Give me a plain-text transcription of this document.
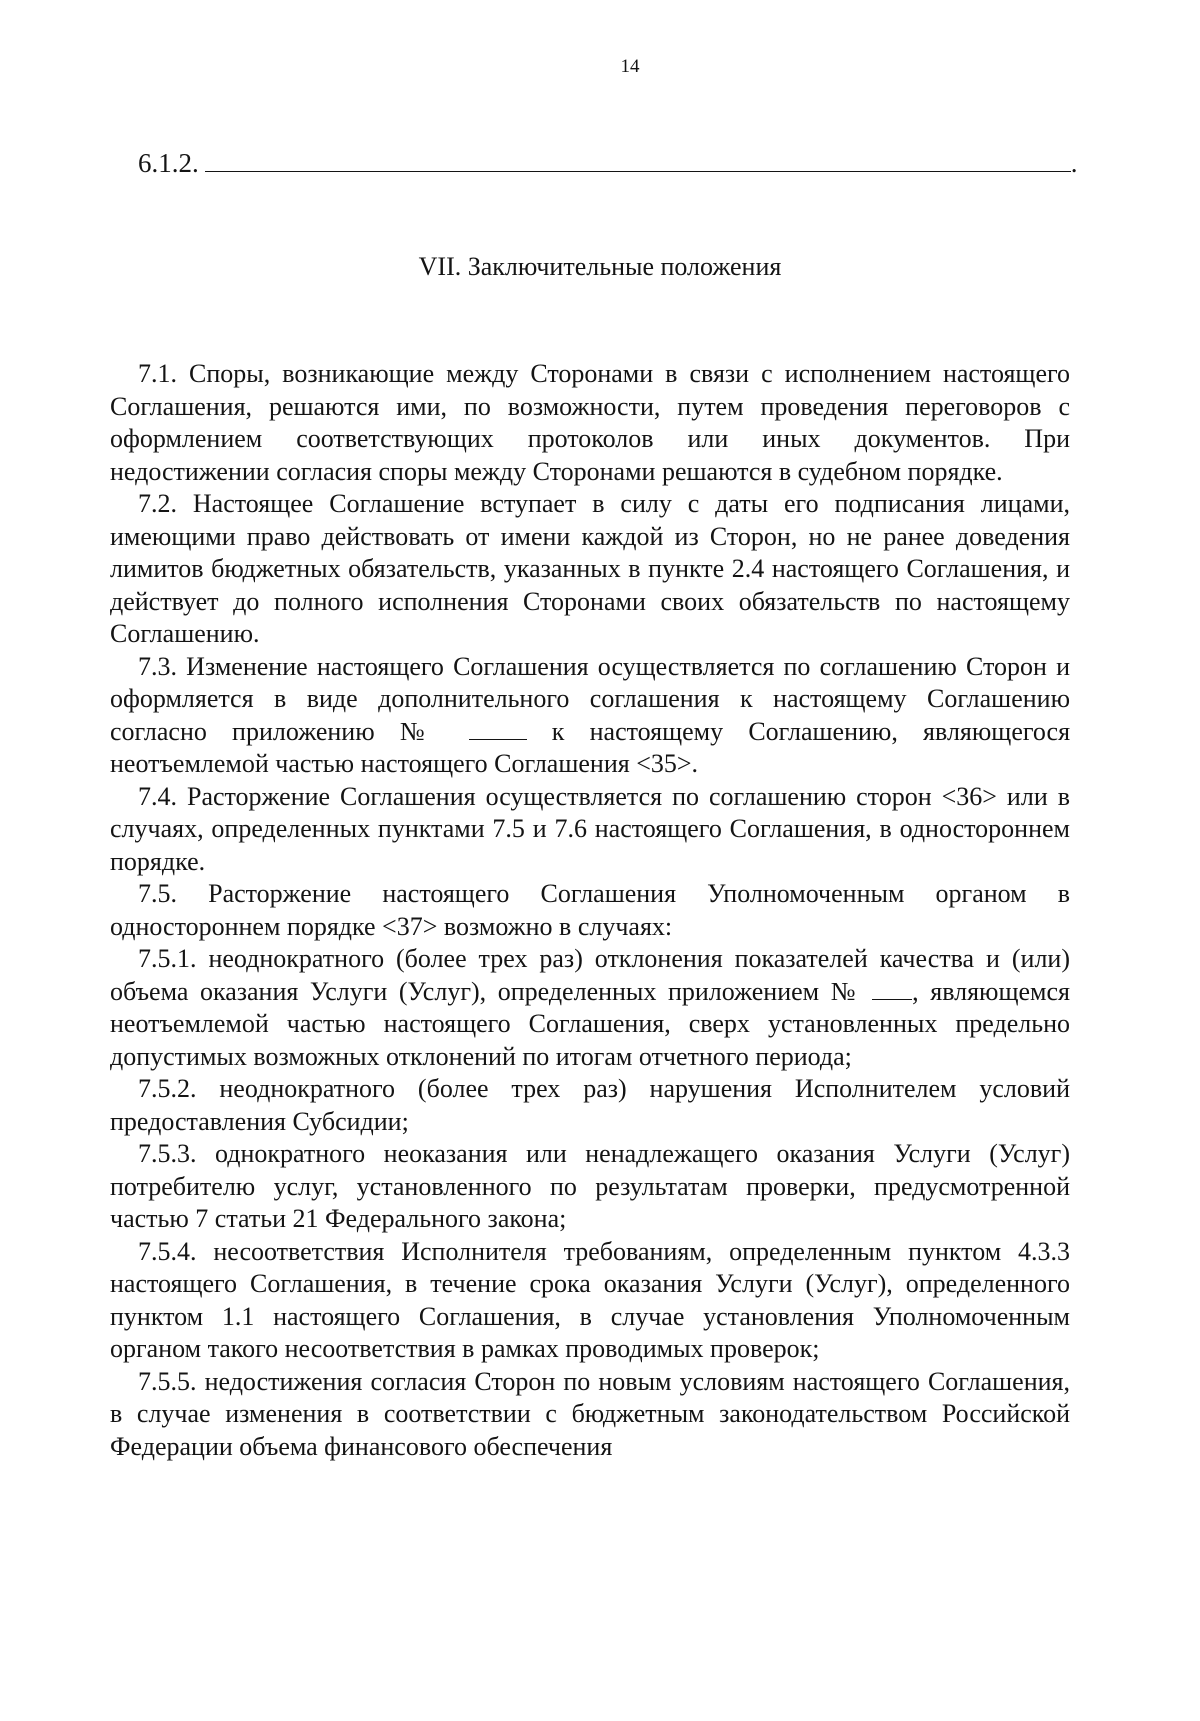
14
6.1.2.	.
VII. Заключительные положения

7.1. Споры, возникающие между Сторонами в связи с исполнением настоящего Соглашения, решаются ими, по возможности, путем проведения переговоров с оформлением соответствующих протоколов или иных документов. При недостижении согласия споры между Сторонами решаются в судебном порядке.

7.2. Настоящее Соглашение вступает в силу с даты его подписания лицами, имеющими право действовать от имени каждой из Сторон, но не ранее доведения лимитов бюджетных обязательств, указанных в пункте 2.4 настоящего Соглашения, и действует до полного исполнения Сторонами своих обязательств по настоящему Соглашению.

7.3. Изменение настоящего Соглашения осуществляется по соглашению Сторон и оформляется в виде дополнительного соглашения к настоящему Соглашению согласно приложению №	к настоящему Соглашению, являющегося неотъемлемой частью настоящего Соглашения <35>.

7.4. Расторжение Соглашения осуществляется по соглашению сторон <36> или в случаях, определенных пунктами 7.5 и 7.6 настоящего Соглашения, в одностороннем порядке.

7.5. Расторжение настоящего Соглашения Уполномоченным органом в одностороннем порядке <37> возможно в случаях:

7.5.1. неоднократного (более трех раз) отклонения показателей качества и (или) объема оказания Услуги (Услуг), определенных приложением № , являющемся неотъемлемой частью настоящего Соглашения, сверх установленных предельно допустимых возможных отклонений по итогам отчетного периода;

7.5.2. неоднократного (более трех раз) нарушения Исполнителем условий предоставления Субсидии;

7.5.3. однократного неоказания или ненадлежащего оказания Услуги (Услуг) потребителю услуг, установленного по результатам проверки, предусмотренной частью 7 статьи 21 Федерального закона;

7.5.4. несоответствия Исполнителя требованиям, определенным пунктом 4.3.3 настоящего Соглашения, в течение срока оказания Услуги (Услуг), определенного пунктом 1.1 настоящего Соглашения, в случае установления Уполномоченным органом такого несоответствия в рамках проводимых проверок;

7.5.5. недостижения согласия Сторон по новым условиям настоящего Соглашения, в случае изменения в соответствии с бюджетным законодательством Российской Федерации объема финансового обеспечения
